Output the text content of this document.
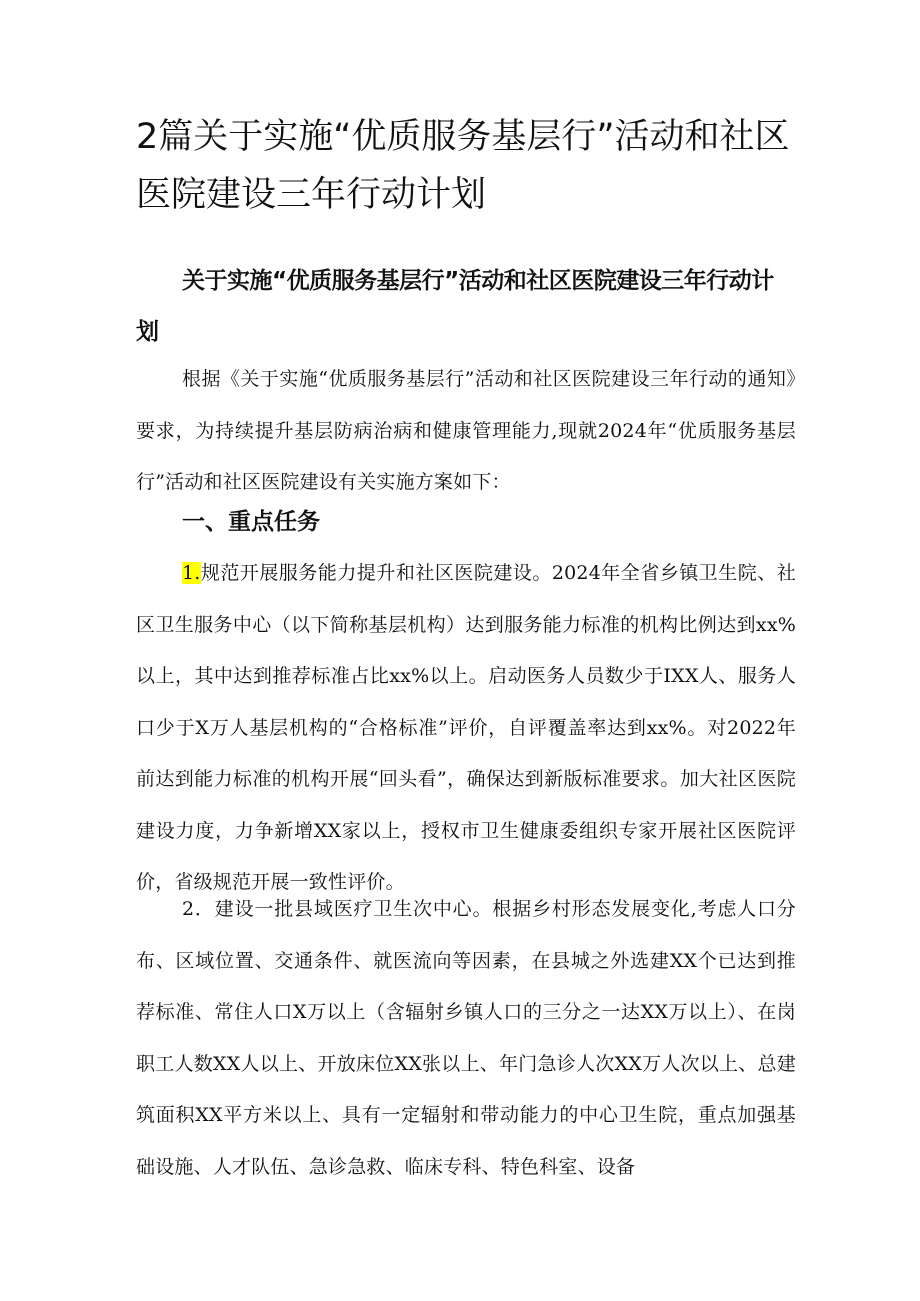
2篇关于实施“优质服务基层行”活动和社区医院建设三年行动计划
关于实施“优质服务基层行”活动和社区医院建设三年行动计划

根据《关于实施“优质服务基层行”活动和社区医院建设三年行动的通知》要求，为持续提升基层防病治病和健康管理能力,现就2024年“优质服务基层行”活动和社区医院建设有关实施方案如下：

一、重点任务

1.规范开展服务能力提升和社区医院建设。2024年全省乡镇卫生院、社区卫生服务中心（以下简称基层机构）达到服务能力标准的机构比例达到xx%以上，其中达到推荐标准占比xx%以上。启动医务人员数少于IXX人、服务人口少于X万人基层机构的“合格标准”评价，自评覆盖率达到xx%。对2022年前达到能力标准的机构开展“回头看”，确保达到新版标准要求。加大社区医院建设力度，力争新增XX家以上，授权市卫生健康委组织专家开展社区医院评价，省级规范开展一致性评价。

2．建设一批县域医疗卫生次中心。根据乡村形态发展变化,考虑人口分布、区域位置、交通条件、就医流向等因素，在县城之外选建XX个已达到推荐标准、常住人口X万以上（含辐射乡镇人口的三分之一达XX万以上）、在岗职工人数XX人以上、开放床位XX张以上、年门急诊人次XX万人次以上、总建筑面积XX平方米以上、具有一定辐射和带动能力的中心卫生院，重点加强基础设施、人才队伍、急诊急救、临床专科、特色科室、设备
